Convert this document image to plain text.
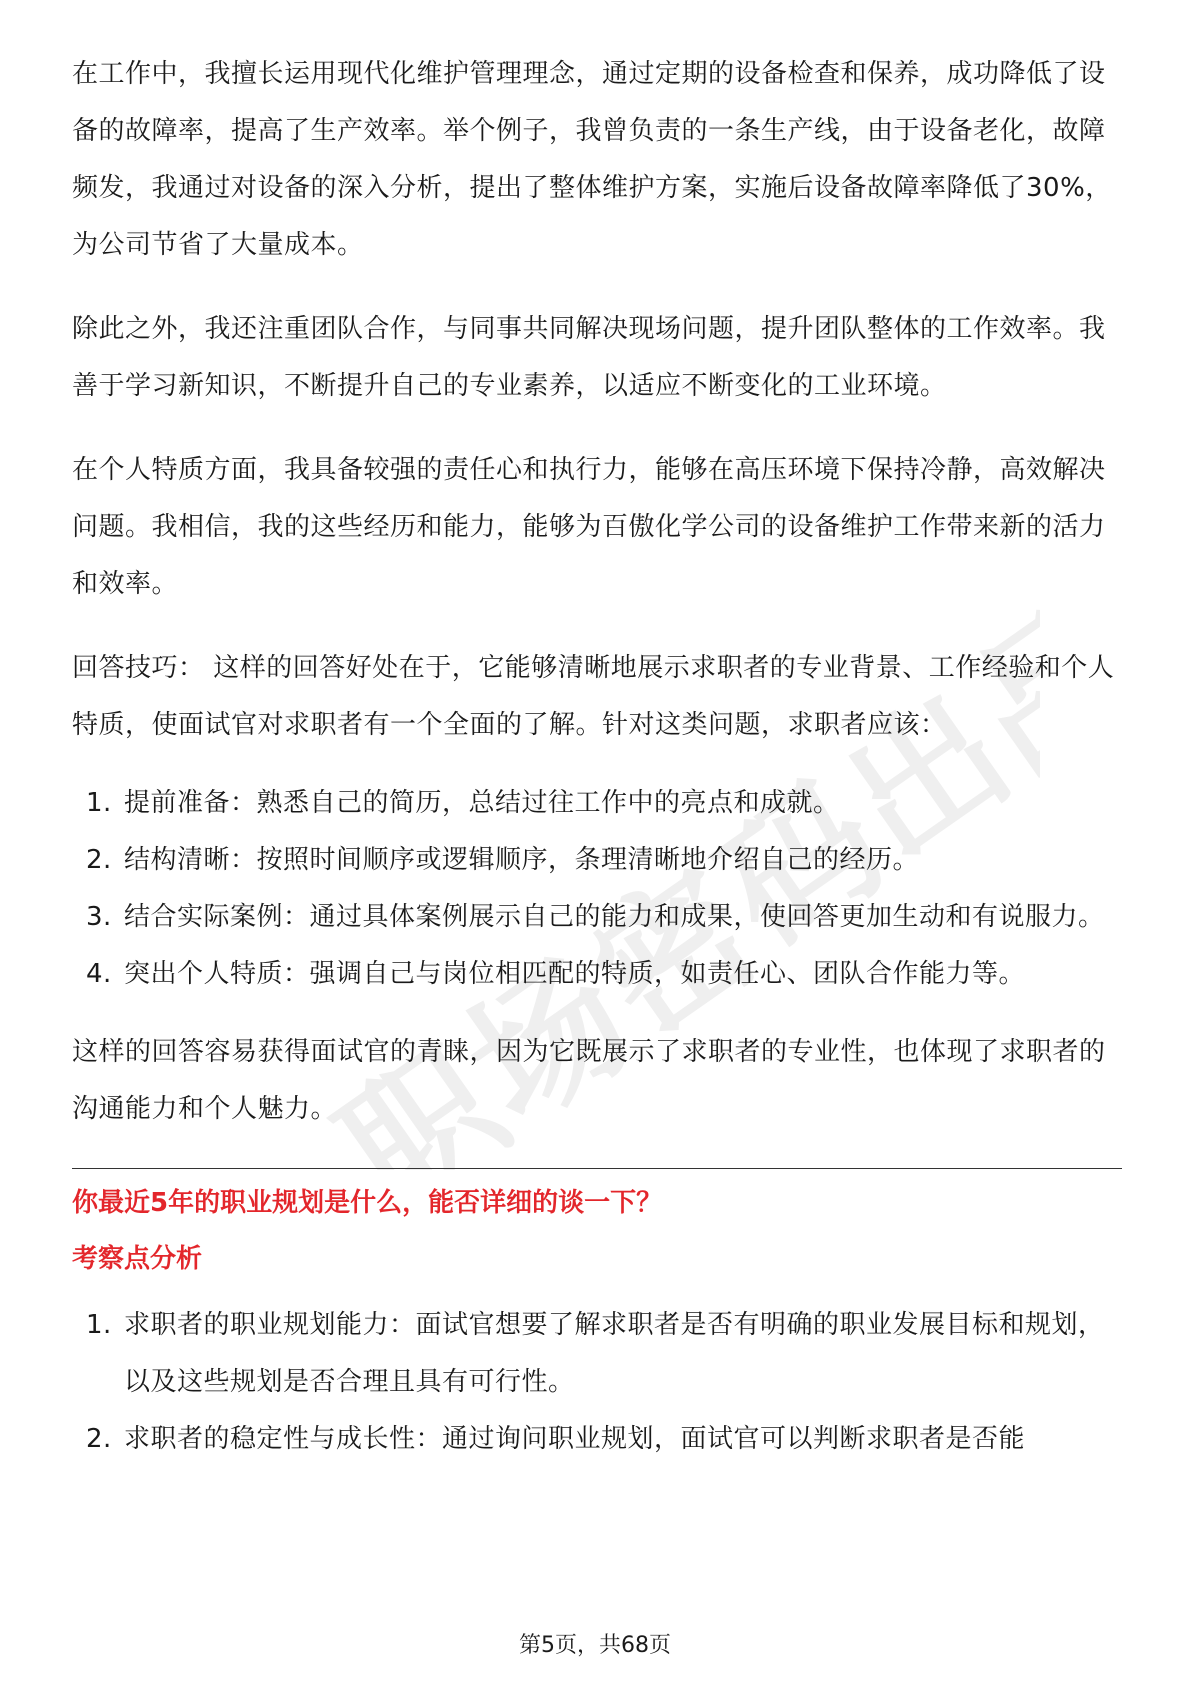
职场密码出品

在工作中，我擅长运用现代化维护管理理念，通过定期的设备检查和保养，成功降低了设备的故障率，提高了生产效率。举个例子，我曾负责的一条生产线，由于设备老化，故障频发，我通过对设备的深入分析，提出了整体维护方案，实施后设备故障率降低了30%，为公司节省了大量成本。

除此之外，我还注重团队合作，与同事共同解决现场问题，提升团队整体的工作效率。我善于学习新知识，不断提升自己的专业素养，以适应不断变化的工业环境。

在个人特质方面，我具备较强的责任心和执行力，能够在高压环境下保持冷静，高效解决问题。我相信，我的这些经历和能力，能够为百傲化学公司的设备维护工作带来新的活力和效率。

回答技巧： 这样的回答好处在于，它能够清晰地展示求职者的专业背景、工作经验和个人特质，使面试官对求职者有一个全面的了解。针对这类问题，求职者应该：

1. 提前准备：熟悉自己的简历，总结过往工作中的亮点和成就。
2. 结构清晰：按照时间顺序或逻辑顺序，条理清晰地介绍自己的经历。
3. 结合实际案例：通过具体案例展示自己的能力和成果，使回答更加生动和有说服力。
4. 突出个人特质：强调自己与岗位相匹配的特质，如责任心、团队合作能力等。

这样的回答容易获得面试官的青睐，因为它既展示了求职者的专业性，也体现了求职者的沟通能力和个人魅力。

你最近5年的职业规划是什么，能否详细的谈一下？

考察点分析

1. 求职者的职业规划能力：面试官想要了解求职者是否有明确的职业发展目标和规划，以及这些规划是否合理且具有可行性。
2. 求职者的稳定性与成长性：通过询问职业规划，面试官可以判断求职者是否能
第5页，共68页
